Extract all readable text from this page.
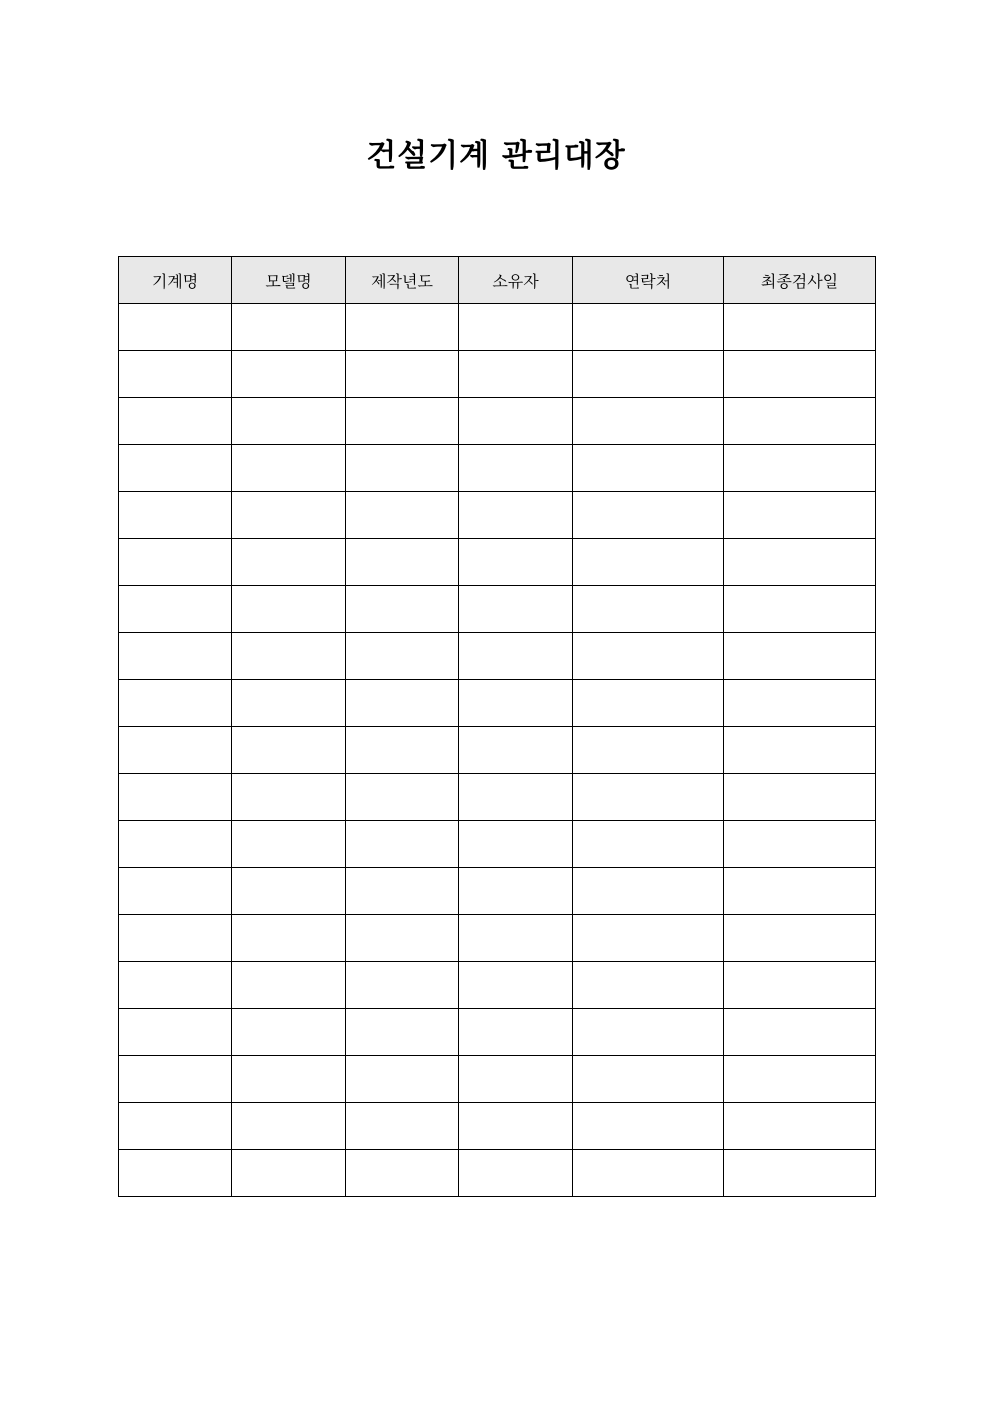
건설기계 관리대장
기계명	모델명	제작년도	소유자	연락처	최종검사일
